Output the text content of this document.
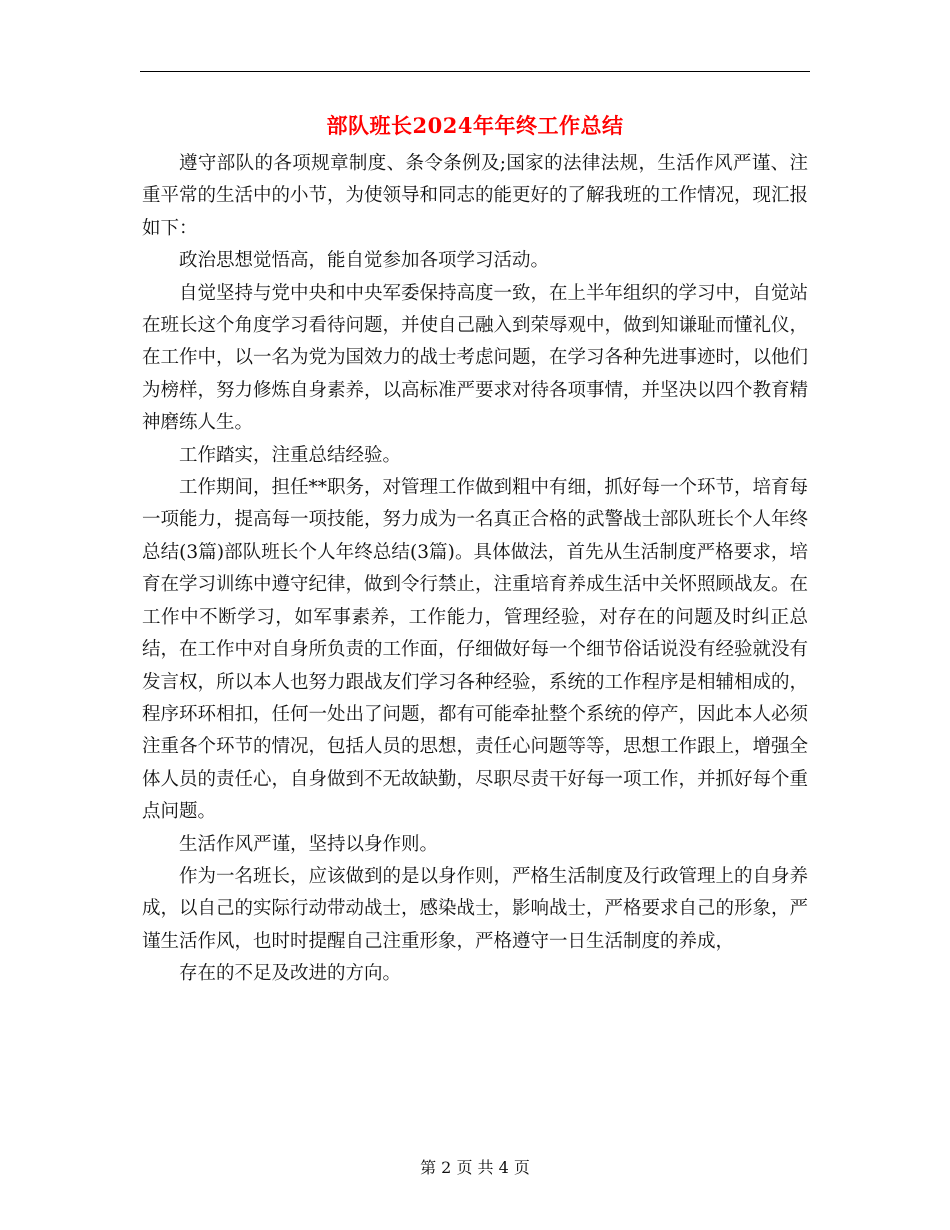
部队班长2024年年终工作总结

遵守部队的各项规章制度、条令条例及;国家的法律法规，生活作风严谨、注重平常的生活中的小节，为使领导和同志的能更好的了解我班的工作情况，现汇报如下：

政治思想觉悟高，能自觉参加各项学习活动。

自觉坚持与党中央和中央军委保持高度一致，在上半年组织的学习中，自觉站在班长这个角度学习看待问题，并使自己融入到荣辱观中，做到知谦耻而懂礼仪，在工作中，以一名为党为国效力的战士考虑问题，在学习各种先进事迹时，以他们为榜样，努力修炼自身素养，以高标准严要求对待各项事情，并坚决以四个教育精神磨练人生。

工作踏实，注重总结经验。

工作期间，担任**职务，对管理工作做到粗中有细，抓好每一个环节，培育每一项能力，提高每一项技能，努力成为一名真正合格的武警战士部队班长个人年终总结(3篇)部队班长个人年终总结(3篇)。具体做法，首先从生活制度严格要求，培育在学习训练中遵守纪律，做到令行禁止，注重培育养成生活中关怀照顾战友。在工作中不断学习，如军事素养，工作能力，管理经验，对存在的问题及时纠正总结，在工作中对自身所负责的工作面，仔细做好每一个细节俗话说没有经验就没有发言权，所以本人也努力跟战友们学习各种经验，系统的工作程序是相辅相成的，程序环环相扣，任何一处出了问题，都有可能牵扯整个系统的停产，因此本人必须注重各个环节的情况，包括人员的思想，责任心问题等等，思想工作跟上，增强全体人员的责任心，自身做到不无故缺勤，尽职尽责干好每一项工作，并抓好每个重点问题。

生活作风严谨，坚持以身作则。

作为一名班长，应该做到的是以身作则，严格生活制度及行政管理上的自身养成，以自己的实际行动带动战士，感染战士，影响战士，严格要求自己的形象，严谨生活作风，也时时提醒自己注重形象，严格遵守一日生活制度的养成，

存在的不足及改进的方向。

第 2 页 共 4 页
